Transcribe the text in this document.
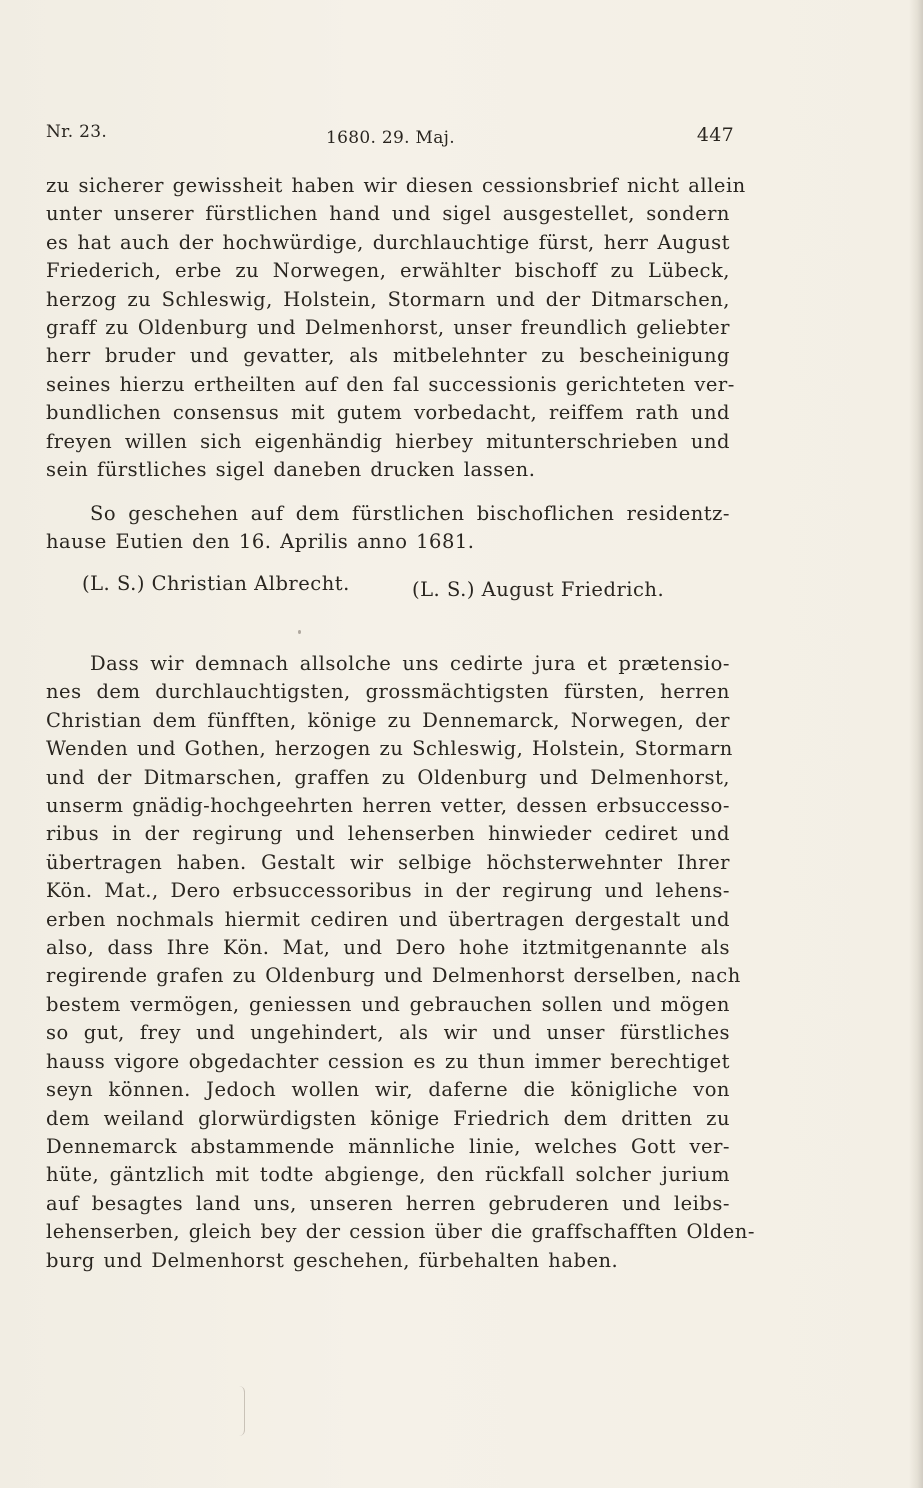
Nr. 23.	1680. 29. Maj.	447
zu sicherer gewissheit haben wir diesen cessionsbrief nicht allein
unter unserer fürstlichen hand und sigel ausgestellet, sondern
es hat auch der hochwürdige, durchlauchtige fürst, herr August
Friederich, erbe zu Norwegen, erwählter bischoff zu Lübeck,
herzog zu Schleswig, Holstein, Stormarn und der Ditmarschen,
graff zu Oldenburg und Delmenhorst, unser freundlich geliebter
herr bruder und gevatter, als mitbelehnter zu bescheinigung
seines hierzu ertheilten auf den fal successionis gerichteten ver-
bundlichen consensus mit gutem vorbedacht, reiffem rath und
freyen willen sich eigenhändig hierbey mitunterschrieben und
sein fürstliches sigel daneben drucken lassen.
So geschehen auf dem fürstlichen bischoflichen residentz-
hause Eutien den 16. Aprilis anno 1681.
(L. S.) Christian Albrecht.	(L. S.) August Friedrich.
Dass wir demnach allsolche uns cedirte jura et prætensio-
nes dem durchlauchtigsten, grossmächtigsten fürsten, herren
Christian dem fünfften, könige zu Dennemarck, Norwegen, der
Wenden und Gothen, herzogen zu Schleswig, Holstein, Stormarn
und der Ditmarschen, graffen zu Oldenburg und Delmenhorst,
unserm gnädig-hochgeehrten herren vetter, dessen erbsuccesso-
ribus in der regirung und lehenserben hinwieder cediret und
übertragen haben. Gestalt wir selbige höchsterwehnter Ihrer
Kön. Mat., Dero erbsuccessoribus in der regirung und lehens-
erben nochmals hiermit cediren und übertragen dergestalt und
also, dass Ihre Kön. Mat, und Dero hohe itztmitgenannte als
regirende grafen zu Oldenburg und Delmenhorst derselben, nach
bestem vermögen, geniessen und gebrauchen sollen und mögen
so gut, frey und ungehindert, als wir und unser fürstliches
hauss vigore obgedachter cession es zu thun immer berechtiget
seyn können. Jedoch wollen wir, daferne die königliche von
dem weiland glorwürdigsten könige Friedrich dem dritten zu
Dennemarck abstammende männliche linie, welches Gott ver-
hüte, gäntzlich mit todte abgienge, den rückfall solcher jurium
auf besagtes land uns, unseren herren gebruderen und leibs-
lehenserben, gleich bey der cession über die graffschafften Olden-
burg und Delmenhorst geschehen, fürbehalten haben.
